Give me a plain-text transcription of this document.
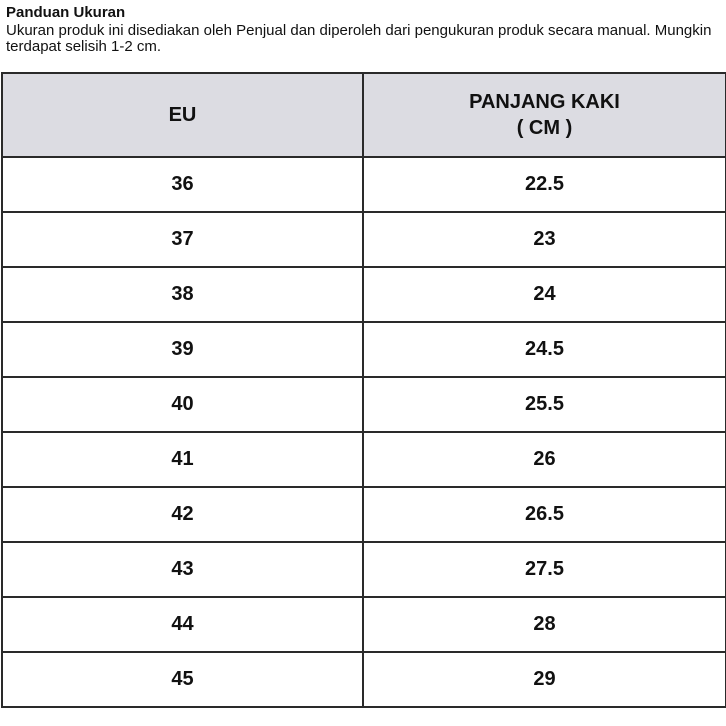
Panduan Ukuran

Ukuran produk ini disediakan oleh Penjual dan diperoleh dari pengukuran produk secara manual. Mungkin terdapat selisih 1-2 cm.

EU	PANJANG KAKI
( CM )

36	22.5
37	23
38	24
39	24.5
40	25.5
41	26
42	26.5
43	27.5
44	28
45	29
